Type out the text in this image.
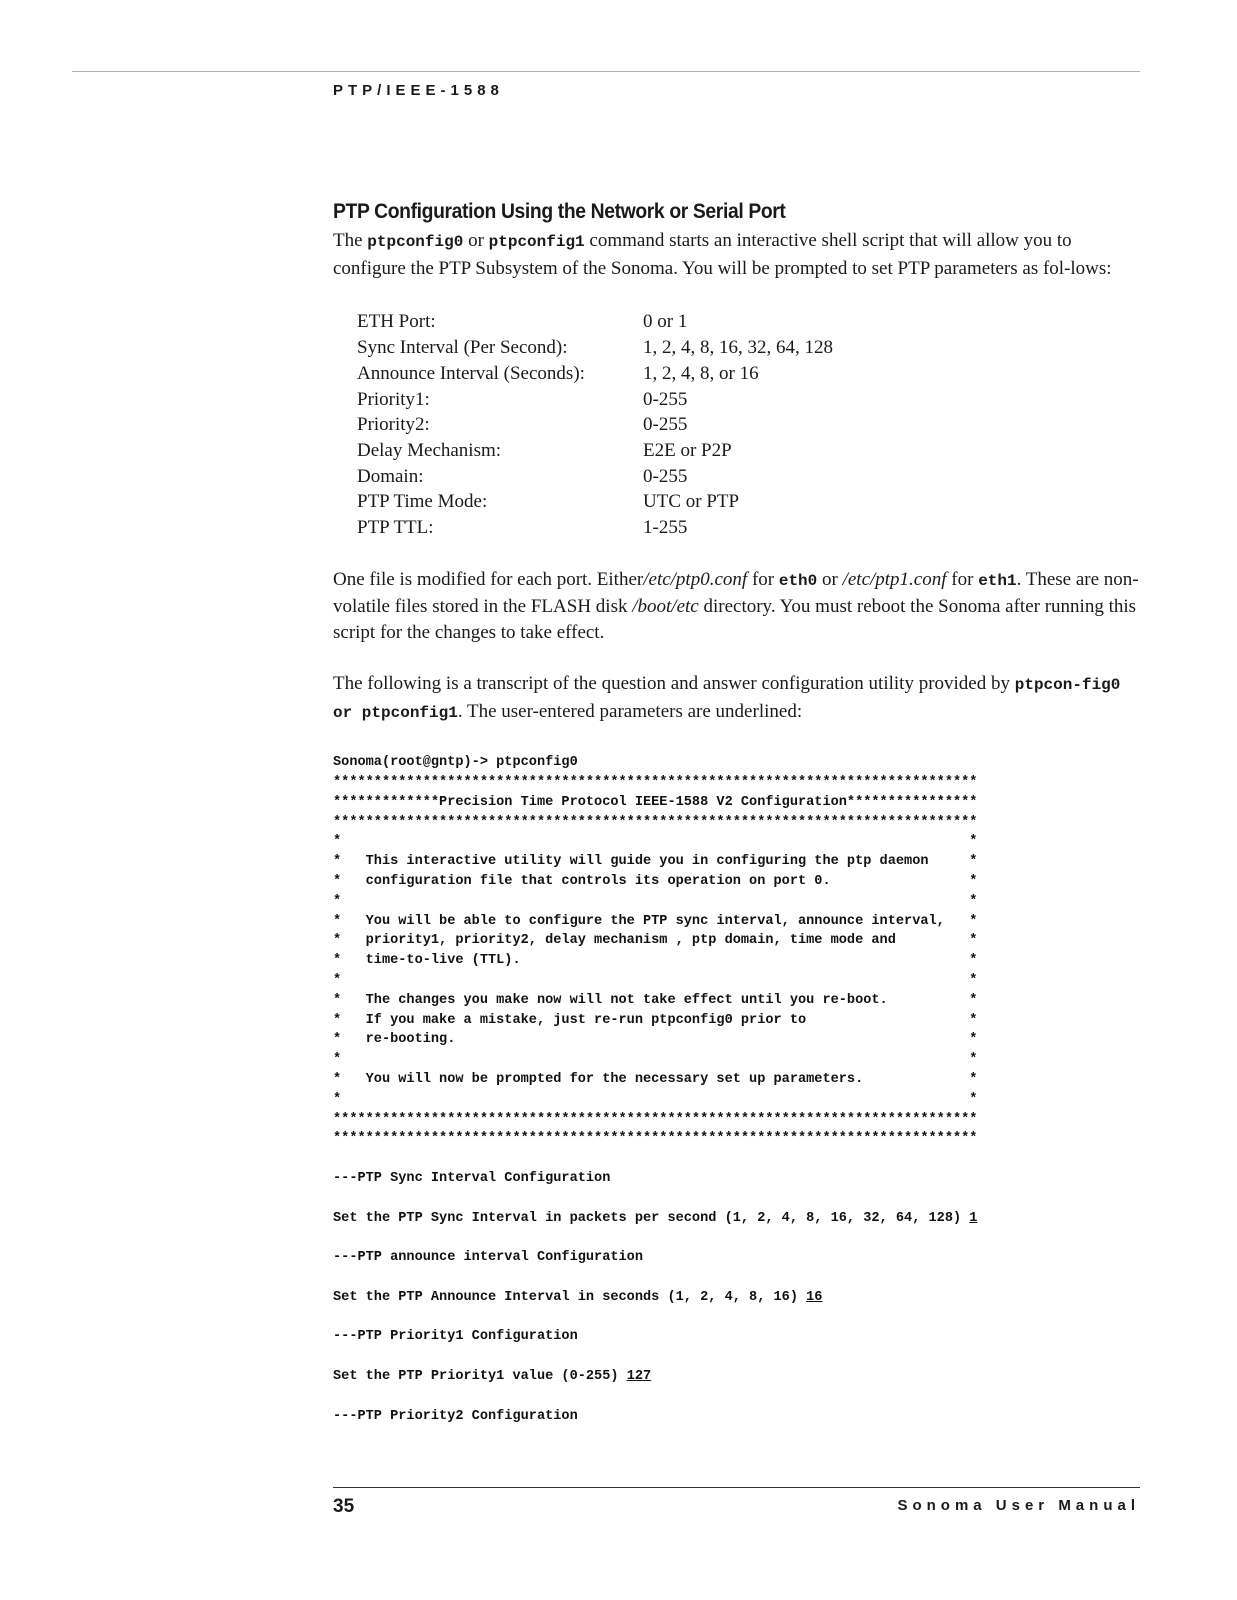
PTP/IEEE-1588
PTP Configuration Using the Network or Serial Port

The ptpconfig0 or ptpconfig1 command starts an interactive shell script that will allow you to configure the PTP Subsystem of the Sonoma. You will be prompted to set PTP parameters as fol-lows:

ETH Port:	0 or 1
Sync Interval (Per Second):	1, 2, 4, 8, 16, 32, 64, 128
Announce Interval (Seconds):	1, 2, 4, 8, or 16
Priority1:	0-255
Priority2:	0-255
Delay Mechanism:	E2E or P2P
Domain:	0-255
PTP Time Mode:	UTC or PTP
PTP TTL:	1-255

One file is modified for each port. Either/etc/ptp0.conf for eth0 or /etc/ptp1.conf for eth1. These are non-volatile files stored in the FLASH disk /boot/etc directory. You must reboot the Sonoma after running this script for the changes to take effect.

The following is a transcript of the question and answer configuration utility provided by ptpcon-fig0 or ptpconfig1. The user-entered parameters are underlined:

Sonoma(root@gntp)-> ptpconfig0
*******************************************************************************
*************Precision Time Protocol IEEE-1588 V2 Configuration****************
*******************************************************************************
*                                                                             *
*   This interactive utility will guide you in configuring the ptp daemon     *
*   configuration file that controls its operation on port 0.                 *
*                                                                             *
*   You will be able to configure the PTP sync interval, announce interval,   *
*   priority1, priority2, delay mechanism , ptp domain, time mode and         *
*   time-to-live (TTL).                                                       *
*                                                                             *
*   The changes you make now will not take effect until you re-boot.          *
*   If you make a mistake, just re-run ptpconfig0 prior to                    *
*   re-booting.                                                               *
*                                                                             *
*   You will now be prompted for the necessary set up parameters.             *
*                                                                             *
*******************************************************************************
*******************************************************************************

---PTP Sync Interval Configuration

Set the PTP Sync Interval in packets per second (1, 2, 4, 8, 16, 32, 64, 128) 1

---PTP announce interval Configuration

Set the PTP Announce Interval in seconds (1, 2, 4, 8, 16) 16

---PTP Priority1 Configuration

Set the PTP Priority1 value (0-255) 127

---PTP Priority2 Configuration
35	Sonoma User Manual
